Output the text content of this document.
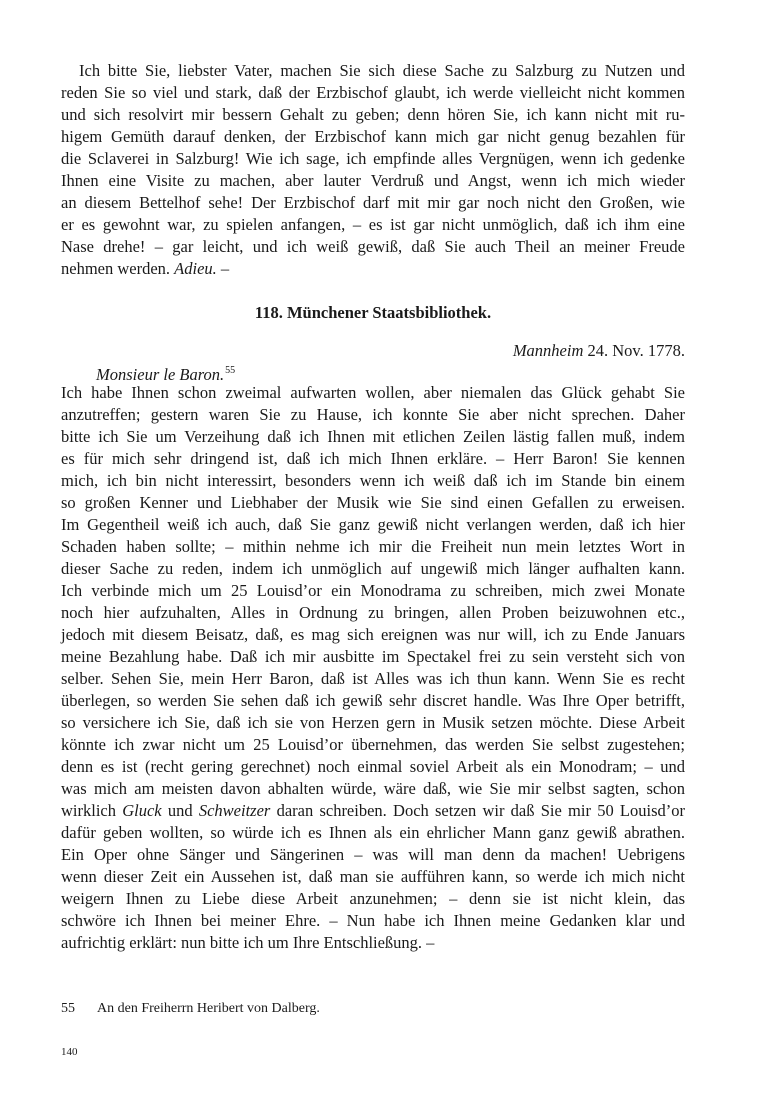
Ich bitte Sie, liebster Vater, machen Sie sich diese Sache zu Salzburg zu Nutzen und
reden Sie so viel und stark, daß der Erzbischof glaubt, ich werde vielleicht nicht kommen
und sich resolvirt mir bessern Gehalt zu geben; denn hören Sie, ich kann nicht mit ru-
higem Gemüth darauf denken, der Erzbischof kann mich gar nicht genug bezahlen für
die Sclaverei in Salzburg! Wie ich sage, ich empfinde alles Vergnügen, wenn ich gedenke
Ihnen eine Visite zu machen, aber lauter Verdruß und Angst, wenn ich mich wieder
an diesem Bettelhof sehe! Der Erzbischof darf mit mir gar noch nicht den Großen, wie
er es gewohnt war, zu spielen anfangen, – es ist gar nicht unmöglich, daß ich ihm eine
Nase drehe! – gar leicht, und ich weiß gewiß, daß Sie auch Theil an meiner Freude
nehmen werden. Adieu. –
118. Münchener Staatsbibliothek.
Mannheim 24. Nov. 1778.
Monsieur le Baron.$^{55}$
Ich habe Ihnen schon zweimal aufwarten wollen, aber niemalen das Glück gehabt Sie
anzutreffen; gestern waren Sie zu Hause, ich konnte Sie aber nicht sprechen. Daher
bitte ich Sie um Verzeihung daß ich Ihnen mit etlichen Zeilen lästig fallen muß, indem
es für mich sehr dringend ist, daß ich mich Ihnen erkläre. – Herr Baron! Sie kennen
mich, ich bin nicht interessirt, besonders wenn ich weiß daß ich im Stande bin einem
so großen Kenner und Liebhaber der Musik wie Sie sind einen Gefallen zu erweisen.
Im Gegentheil weiß ich auch, daß Sie ganz gewiß nicht verlangen werden, daß ich hier
Schaden haben sollte; – mithin nehme ich mir die Freiheit nun mein letztes Wort in
dieser Sache zu reden, indem ich unmöglich auf ungewiß mich länger aufhalten kann.
Ich verbinde mich um 25 Louisd’or ein Monodrama zu schreiben, mich zwei Monate
noch hier aufzuhalten, Alles in Ordnung zu bringen, allen Proben beizuwohnen etc.,
jedoch mit diesem Beisatz, daß, es mag sich ereignen was nur will, ich zu Ende Januars
meine Bezahlung habe. Daß ich mir ausbitte im Spectakel frei zu sein versteht sich von
selber. Sehen Sie, mein Herr Baron, daß ist Alles was ich thun kann. Wenn Sie es recht
überlegen, so werden Sie sehen daß ich gewiß sehr discret handle. Was Ihre Oper betrifft,
so versichere ich Sie, daß ich sie von Herzen gern in Musik setzen möchte. Diese Arbeit
könnte ich zwar nicht um 25 Louisd’or übernehmen, das werden Sie selbst zugestehen;
denn es ist (recht gering gerechnet) noch einmal soviel Arbeit als ein Monodram; – und
was mich am meisten davon abhalten würde, wäre daß, wie Sie mir selbst sagten, schon
wirklich Gluck und Schweitzer daran schreiben. Doch setzen wir daß Sie mir 50 Louisd’or
dafür geben wollten, so würde ich es Ihnen als ein ehrlicher Mann ganz gewiß abrathen.
Ein Oper ohne Sänger und Sängerinen – was will man denn da machen! Uebrigens
wenn dieser Zeit ein Aussehen ist, daß man sie aufführen kann, so werde ich mich nicht
weigern Ihnen zu Liebe diese Arbeit anzunehmen; – denn sie ist nicht klein, das
schwöre ich Ihnen bei meiner Ehre. – Nun habe ich Ihnen meine Gedanken klar und
aufrichtig erklärt: nun bitte ich um Ihre Entschließung. –
55 An den Freiherrn Heribert von Dalberg.
140
